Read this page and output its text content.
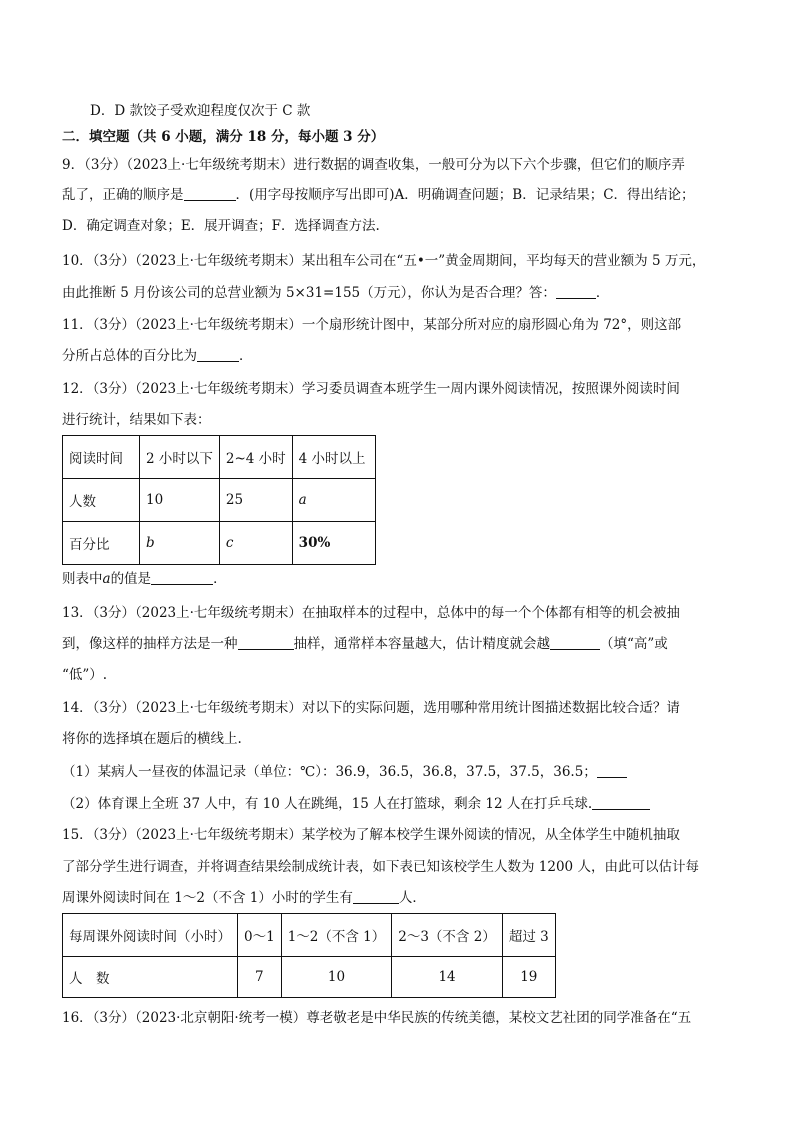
D．D 款饺子受欢迎程度仅次于 C 款
二．填空题（共 6 小题，满分 18 分，每小题 3 分）
9．（3分）（2023上·七年级统考期末）进行数据的调查收集，一般可分为以下六个步骤，但它们的顺序弄
乱了，正确的顺序是	．(用字母按顺序写出即可)A．明确调查问题；B．记录结果；C．得出结论；
D．确定调查对象；E．展开调查；F．选择调查方法.
10．（3分）（2023上·七年级统考期末）某出租车公司在“五•一”黄金周期间，平均每天的营业额为 5 万元，
由此推断 5 月份该公司的总营业额为 5×31=155（万元），你认为是否合理？答：	．
11．（3分）（2023上·七年级统考期末）一个扇形统计图中，某部分所对应的扇形圆心角为 72°，则这部
分所占总体的百分比为	．
12．（3分）（2023上·七年级统考期末）学习委员调查本班学生一周内课外阅读情况，按照课外阅读时间
进行统计，结果如下表：
阅读时间	2 小时以下	2~4 小时	4 小时以上
人数	10	25	a
百分比	b	c	30%
则表中a的值是	．
13．（3分）（2023上·七年级统考期末）在抽取样本的过程中，总体中的每一个个体都有相等的机会被抽
到，像这样的抽样方法是一种	抽样，通常样本容量越大，估计精度就会越	（填“高”或
“低”）.
14．（3分）（2023上·七年级统考期末）对以下的实际问题，选用哪种常用统计图描述数据比较合适？请
将你的选择填在题后的横线上.
（1）某病人一昼夜的体温记录（单位：℃）：36.9，36.5，36.8，37.5，37.5，36.5；
（2）体育课上全班 37 人中，有 10 人在跳绳，15 人在打篮球，剩余 12 人在打乒乓球.
15．（3分）（2023上·七年级统考期末）某学校为了解本校学生课外阅读的情况，从全体学生中随机抽取
了部分学生进行调查，并将调查结果绘制成统计表，如下表已知该校学生人数为 1200 人，由此可以估计每
周课外阅读时间在 1～2（不含 1）小时的学生有	人．
每周课外阅读时间（小时）	0～1	1～2（不含 1）	2～3（不含 2）	超过 3
人　数	7	10	14	19
16．（3分）（2023·北京朝阳·统考一模）尊老敬老是中华民族的传统美德，某校文艺社团的同学准备在“五
